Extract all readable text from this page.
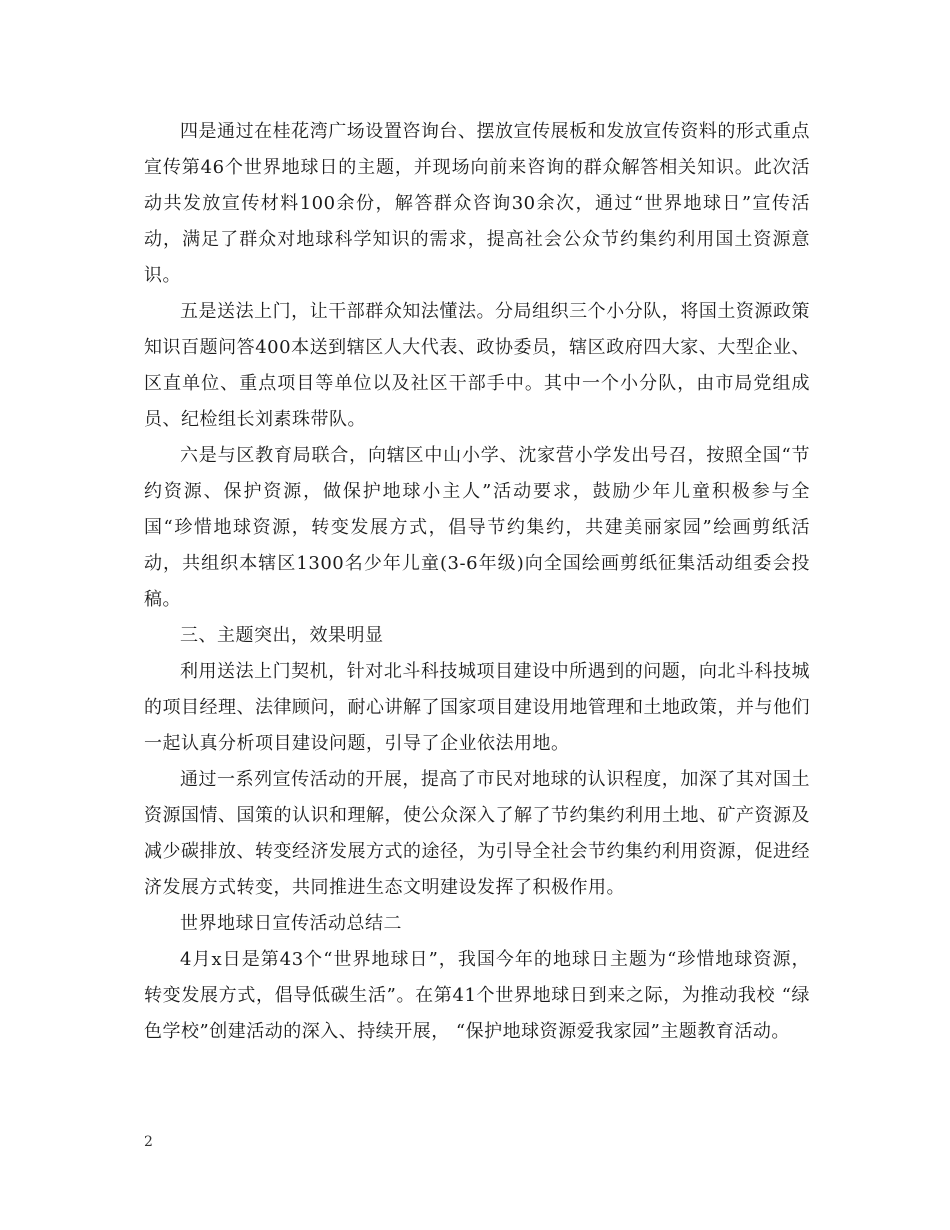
四是通过在桂花湾广场设置咨询台、摆放宣传展板和发放宣传资料的形式重点宣传第46个世界地球日的主题，并现场向前来咨询的群众解答相关知识。此次活动共发放宣传材料100余份，解答群众咨询30余次，通过“世界地球日”宣传活动，满足了群众对地球科学知识的需求，提高社会公众节约集约利用国土资源意识。

五是送法上门，让干部群众知法懂法。分局组织三个小分队，将国土资源政策知识百题问答400本送到辖区人大代表、政协委员，辖区政府四大家、大型企业、区直单位、重点项目等单位以及社区干部手中。其中一个小分队，由市局党组成员、纪检组长刘素珠带队。

六是与区教育局联合，向辖区中山小学、沈家营小学发出号召，按照全国“节约资源、保护资源，做保护地球小主人”活动要求，鼓励少年儿童积极参与全国“珍惜地球资源，转变发展方式，倡导节约集约，共建美丽家园”绘画剪纸活动，共组织本辖区1300名少年儿童(3-6年级)向全国绘画剪纸征集活动组委会投稿。

三、主题突出，效果明显

利用送法上门契机，针对北斗科技城项目建设中所遇到的问题，向北斗科技城的项目经理、法律顾问，耐心讲解了国家项目建设用地管理和土地政策，并与他们一起认真分析项目建设问题，引导了企业依法用地。

通过一系列宣传活动的开展，提高了市民对地球的认识程度，加深了其对国土资源国情、国策的认识和理解，使公众深入了解了节约集约利用土地、矿产资源及减少碳排放、转变经济发展方式的途径，为引导全社会节约集约利用资源，促进经济发展方式转变，共同推进生态文明建设发挥了积极作用。

世界地球日宣传活动总结二

4月x日是第43个“世界地球日”，我国今年的地球日主题为“珍惜地球资源， 转变发展方式，倡导低碳生活”。在第41个世界地球日到来之际，为推动我校 “绿 色学校”创建活动的深入、持续开展， “保护地球资源爱我家园”主题教育活动。

2
